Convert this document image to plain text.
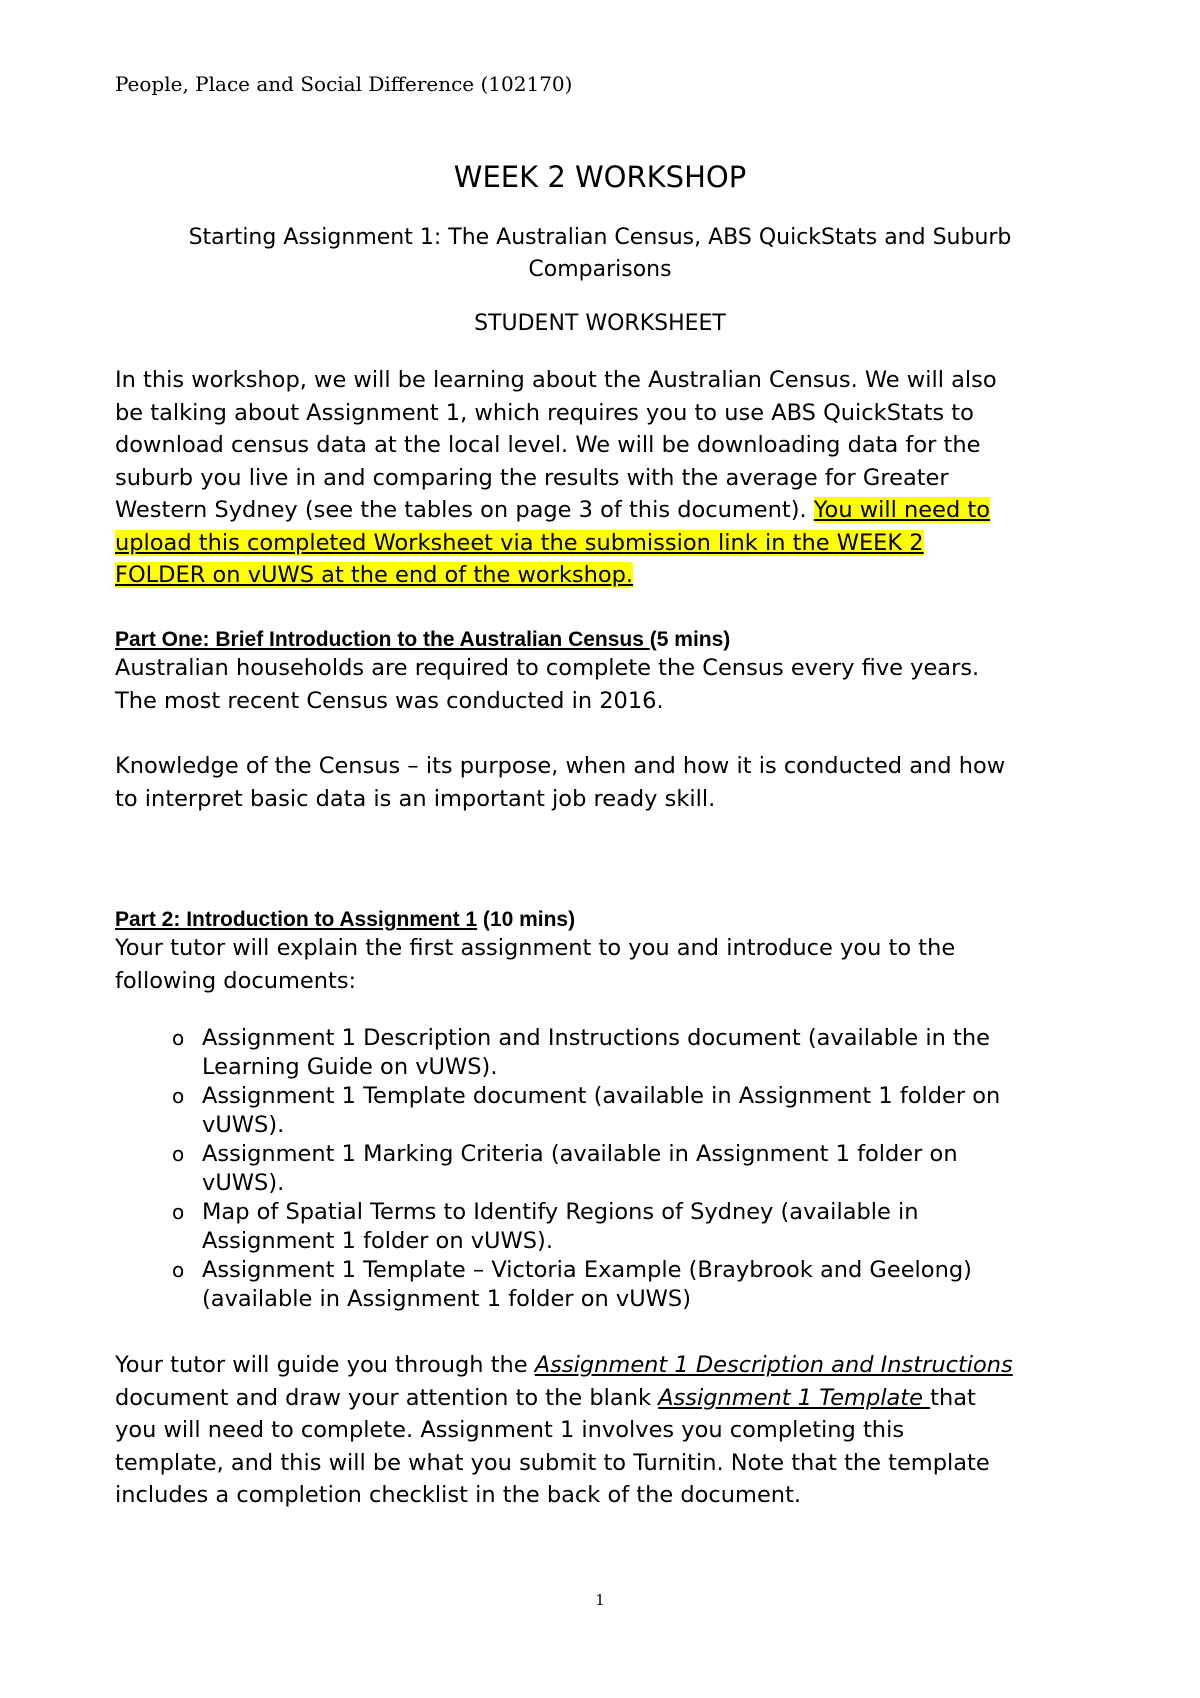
People, Place and Social Difference (102170)
WEEK 2 WORKSHOP
Starting Assignment 1: The Australian Census, ABS QuickStats and Suburb
Comparisons
STUDENT WORKSHEET
In this workshop, we will be learning about the Australian Census. We will also
be talking about Assignment 1, which requires you to use ABS QuickStats to
download census data at the local level. We will be downloading data for the
suburb you live in and comparing the results with the average for Greater
Western Sydney (see the tables on page 3 of this document). You will need to
upload this completed Worksheet via the submission link in the WEEK 2
FOLDER on vUWS at the end of the workshop.
Part One: Brief Introduction to the Australian Census (5 mins)
Australian households are required to complete the Census every five years.
The most recent Census was conducted in 2016.
Knowledge of the Census – its purpose, when and how it is conducted and how
to interpret basic data is an important job ready skill.
Part 2: Introduction to Assignment 1 (10 mins)
Your tutor will explain the first assignment to you and introduce you to the
following documents:
o Assignment 1 Description and Instructions document (available in the
Learning Guide on vUWS).
o Assignment 1 Template document (available in Assignment 1 folder on
vUWS).
o Assignment 1 Marking Criteria (available in Assignment 1 folder on
vUWS).
o Map of Spatial Terms to Identify Regions of Sydney (available in
Assignment 1 folder on vUWS).
o Assignment 1 Template – Victoria Example (Braybrook and Geelong)
(available in Assignment 1 folder on vUWS)
Your tutor will guide you through the Assignment 1 Description and Instructions
document and draw your attention to the blank Assignment 1 Template that
you will need to complete. Assignment 1 involves you completing this
template, and this will be what you submit to Turnitin. Note that the template
includes a completion checklist in the back of the document.
1
